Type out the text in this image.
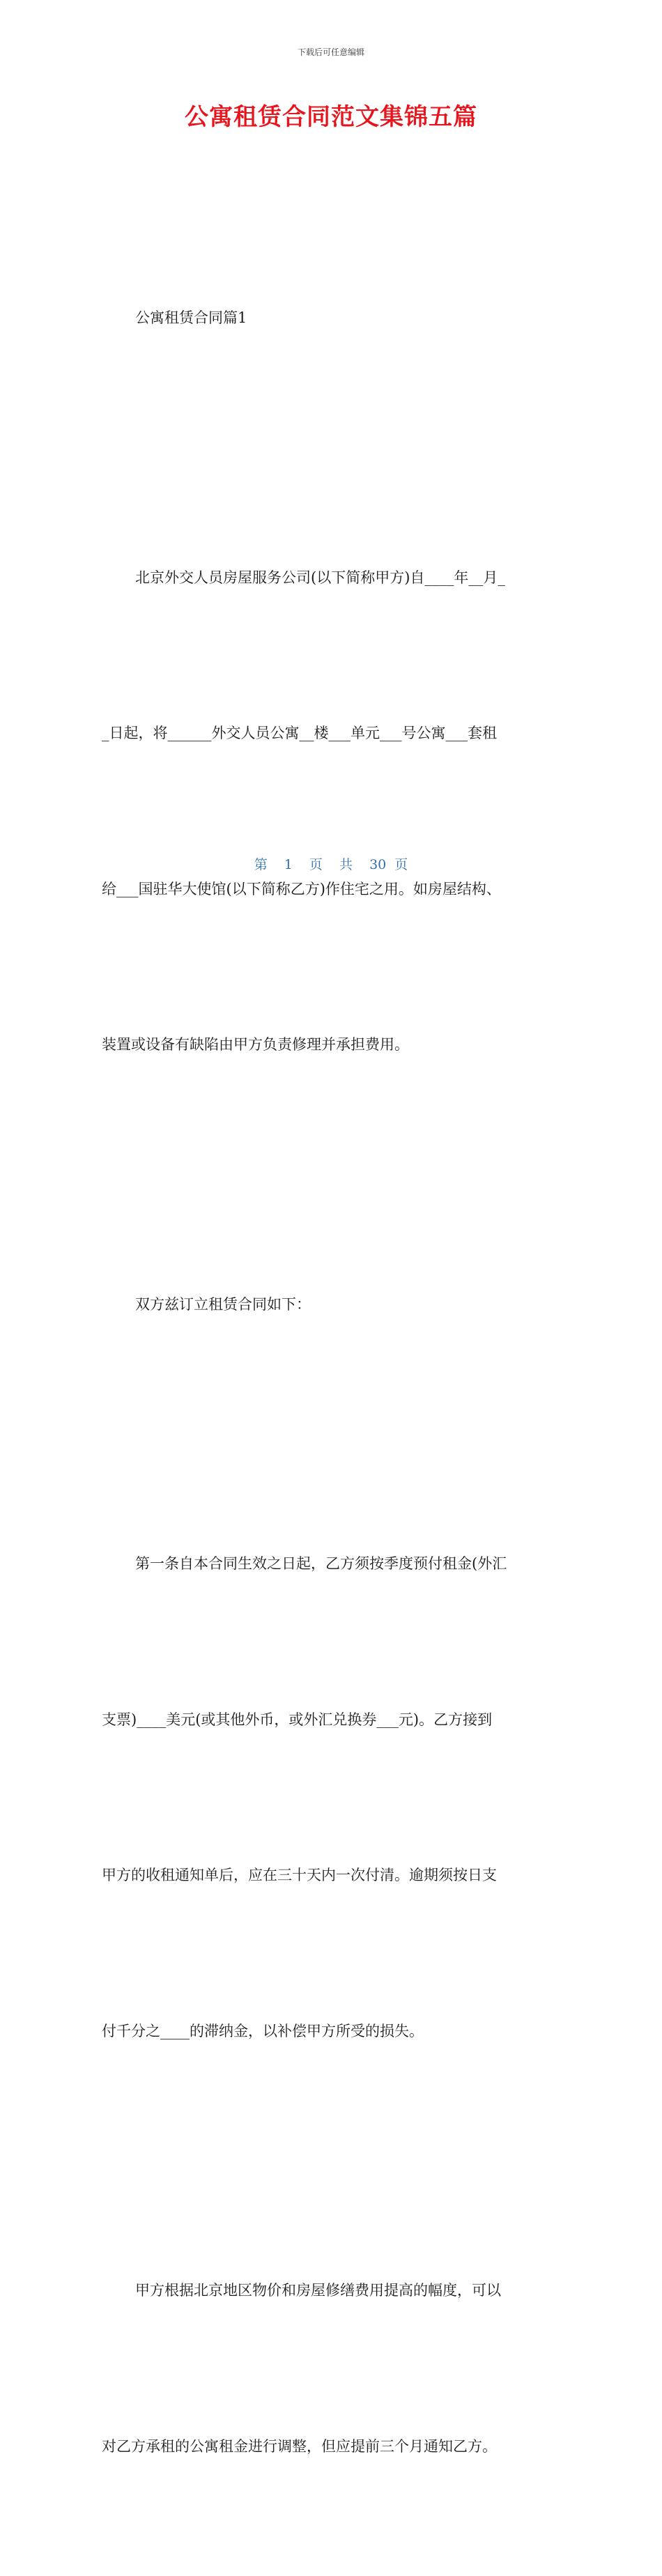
下载后可任意编辑
公寓租赁合同范文集锦五篇

公寓租赁合同篇1

北京外交人员房屋服务公司(以下简称甲方)自____年__月_

_日起，将______外交人员公寓__楼___单元___号公寓___套租

给___国驻华大使馆(以下简称乙方)作住宅之用。如房屋结构、

装置或设备有缺陷由甲方负责修理并承担费用。

双方兹订立租赁合同如下：

第一条自本合同生效之日起，乙方须按季度预付租金(外汇

支票)____美元(或其他外币，或外汇兑换券___元)。乙方接到

甲方的收租通知单后，应在三十天内一次付清。逾期须按日支

付千分之____的滞纳金，以补偿甲方所受的损失。

甲方根据北京地区物价和房屋修缮费用提高的幅度，可以

对乙方承租的公寓租金进行调整，但应提前三个月通知乙方。

第  1  页  共  30 页
